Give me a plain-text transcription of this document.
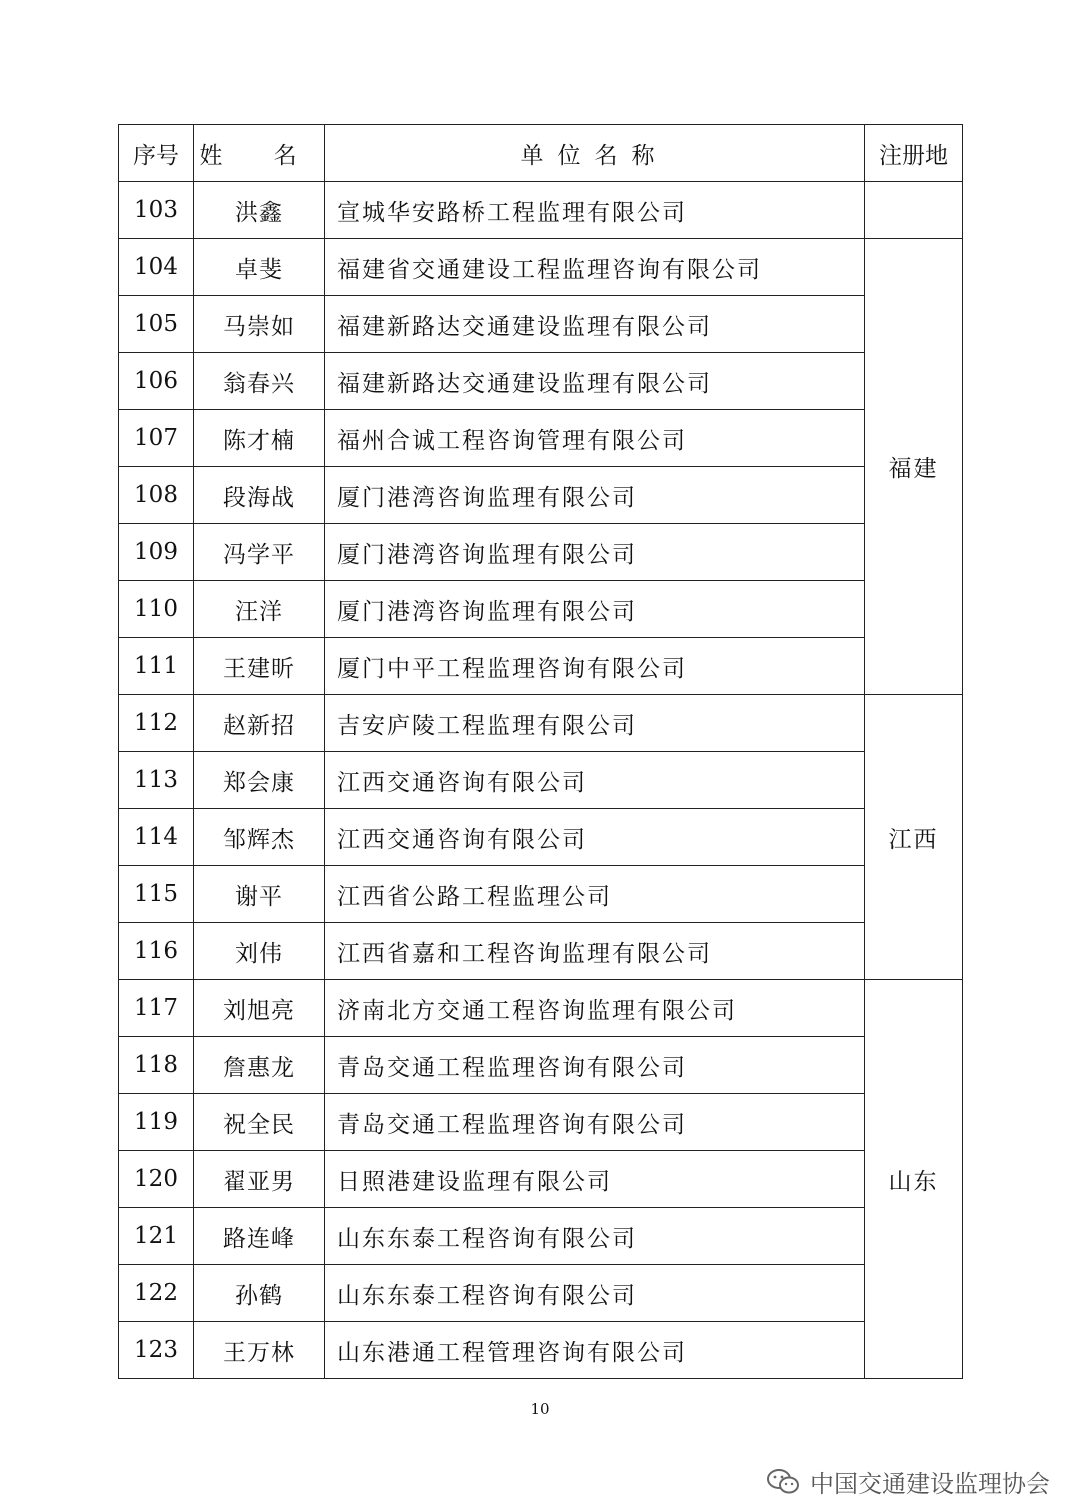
序号	姓 名	单位名称	注册地
103	洪鑫	宣城华安路桥工程监理有限公司	
104	卓斐	福建省交通建设工程监理咨询有限公司	福建
105	马崇如	福建新路达交通建设监理有限公司	
106	翁春兴	福建新路达交通建设监理有限公司	
107	陈才楠	福州合诚工程咨询管理有限公司	
108	段海战	厦门港湾咨询监理有限公司	
109	冯学平	厦门港湾咨询监理有限公司	
110	汪洋	厦门港湾咨询监理有限公司	
111	王建昕	厦门中平工程监理咨询有限公司	
112	赵新招	吉安庐陵工程监理有限公司	江西
113	郑会康	江西交通咨询有限公司	
114	邹辉杰	江西交通咨询有限公司	
115	谢平	江西省公路工程监理公司	
116	刘伟	江西省嘉和工程咨询监理有限公司	
117	刘旭亮	济南北方交通工程咨询监理有限公司	山东
118	詹惠龙	青岛交通工程监理咨询有限公司	
119	祝全民	青岛交通工程监理咨询有限公司	
120	翟亚男	日照港建设监理有限公司	
121	路连峰	山东东泰工程咨询有限公司	
122	孙鹤	山东东泰工程咨询有限公司	
123	王万林	山东港通工程管理咨询有限公司	
10
中国交通建设监理协会
